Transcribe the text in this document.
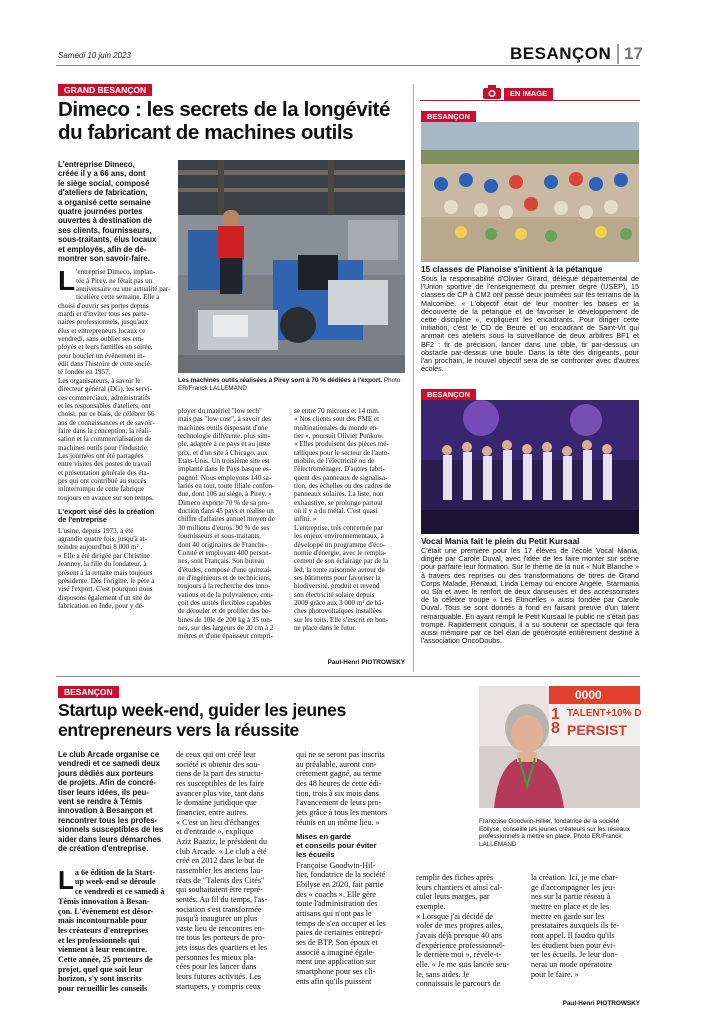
Samedi 10 juin 2023	BESANÇON 17
GRAND BESANÇON
Dimeco : les secrets de la longévité
du fabricant de machines outils
L'entreprise Dimeco,
créée il y a 66 ans, dont
le siège social, composé
d'ateliers de fabrication,
a organisé cette semaine
quatre journées portes
ouvertes à destination de
ses clients, fournisseurs,
sous-traitants, élus locaux
et employés, afin de dé-
montrer son savoir-faire.
Les machines outils réalisées à Pirey sont à 70 % dédiées à l'export. Photo ER/Franck LALLEMAND

L 'entreprise Dimeco, implan-
tée à Pirey, ne fêtait pas un
anniversaire ou une actualité par-
ticulière cette semaine. Elle a
choisi d'ouvrir ses portes depuis
mardi et d'inviter tous ses parte-
naires professionnels, jusqu'aux
élus et entrepreneurs locaux ce
vendredi, sans oublier ses em-
ployés et leurs familles en soirée,
pour boucler un évènement in-
édit dans l'histoire de cette socié-
té fondée en 1957.
Les organisateurs, à savoir le
directeur général (DG), les servi-
ces commerciaux, administratifs
et les responsables d'ateliers, ont
choisi, par ce biais, de célébrer 66
ans de connaissances et de savoir-
faire dans la conception, la réali-
sation et la commercialisation de
machines outils pour l'industrie.
Les journées ont été partagées
entre visites des postes de travail
et présentation générale des éta-
pes qui ont contribué au succès
ininterrompu de cette fabrique
toujours en avance sur son temps.

L'export visé dès la création
de l'entreprise
L'usine, depuis 1973, a été
agrandie quatre fois, jusqu'à at-
teindre aujourd'hui 8 000 m² .
« Elle a été dirigée par Christine
Jeanney, la fille du fondateur, à
présent à la retraite mais toujours
présidente. Dès l'origine, le père a
visé l'export. C'est pourquoi nous
disposons également d'un site de
fabrication en Inde, pour y dé-
ployer du matériel "low tech"
mais pas "low cost", à savoir des
machines outils disposant d'une
technologie différente, plus sim-
ple, adaptée à ce pays et au juste
prix, et d'un site à Chicago, aux
Etats-Unis. Un troisième site est
implanté dans le Pays basque es-
pagnol. Nous employons 140 sa-
lariés en tout, toute filiale confon-
due, dont 106 au siège, à Pirey. »
Dimeco exporte 70 % de sa pro-
duction dans 45 pays et réalise un
chiffre d'affaires annuel moyen de
30 millions d'euros. 90 % de ses
fournisseurs et sous-traitants,
dont 40 originaires de Franche-
Comté et employant 400 person-
nes, sont Français. Son bureau
d'études, composé d'une quinzai-
ne d'ingénieurs et de techniciens,
toujours à la recherche des inno-
vations et de la polyvalence, con-
çoit des unités flexibles capables
de dérouler et de profiler des bo-
bines de 10le de 200 kg à 35 ton-
nes, sur des largeurs de 20 cm à 2
mètres et d'une épaisseur compri-
se entre 70 microns et 14 mm.
« Nos clients sont des PME et
multinationales du monde en-
tier », poursuit Olivier Punkow.
« Elles produisent des pièces mé-
talliques pour le secteur de l'auto-
mobile, de l'électricité ou de
l'électroménager. D'autres fabri-
quent des panneaux de signalisa-
tion, des échelles ou des cadres de
panneaux solaires. La liste, non
exhaustive, se prolonge partout
où il y a du métal. C'est quasi
infini. »
L'entreprise, très concernée par
les enjeux environnementaux, a
développé un programme d'éco-
nomie d'énergie, avec le rempla-
cement de son éclairage par de la
led, la tonte raisonnée autour de
ses bâtiments pour favoriser la
biodiversité, produit et revend
son électricité solaire depuis
2009 grâce aux 3 000 m² de bâ-
ches photovoltaïques installées
sur les toits. Elle s'inscrit en bon-
ne place dans le futur.
Paul-Henri PIOTROWSKY
EN IMAGE
BESANÇON
15 classes de Planoise s'initient à la pétanque
Sous la responsabilité d'Olivier Girard, délégué départemental de l'Union sportive de l'enseignement du premier degré (USEP), 15 classes de CP à CM2 ont passé deux journées sur les terrains de la Malcombe. « L'objectif était de leur montrer les bases et la découverte de la pétanque et de favoriser le développement de cette discipline », expliquent les encadrants. Pour diriger cette initiation, c'est le CD de Beure et un encadrant de Saint-Vit qui animait ces ateliers sous la surveillance de deux arbitres BF1 et BF2 : tir de précision, lancer dans une cible, tir par-dessus un obstacle par-dessus une boule. Dans la tête des dirigeants, pour l'an prochain, le nouvel objectif sera de se confronter avec d'autres écoles.
BESANÇON
Vocal Mania fait le plein du Petit Kursaal
C'était une première pour les 17 élèves de l'école Vocal Mania, dirigée par Carole Duval, avec l'idée de les faire monter sur scène pour parfaire leur formation. Sur le thème de la nuit « Nuit Blanche » à travers des reprises ou des transformations de titres de Grand Corps Malade, Renaud, Linda Lemay ou encore Angèle, Starmania ou Sia et avec le renfort de deux danseuses et des accessoiristes de la célèbre troupe « Les Etincelles » aussi fondée par Carole Duval. Tous se sont donnés à fond en faisant preuve d'un talent remarquable. En ayant rempli le Petit Kursaal le public ne s'était pas trompé. Rapidement conquis, il a su soutenir ce spectacle qui fera aussi mémoire par ce bel élan de générosité entièrement destiné à l'association OncoDoubs.
BESANÇON
Startup week-end, guider les jeunes
entrepreneurs vers la réussite
Le club Arcade organise ce
vendredi et ce samedi deux
jours dédiés aux porteurs
de projets. Afin de concré-
tiser leurs idées, ils peu-
vent se rendre à Témis
innovation à Besançon et
rencontrer tous les profes-
sionnels susceptibles de les
aider dans leurs démarches
de création d'entreprise.

La 6e édition de la Start-
up week-end se déroule
ce vendredi et ce samedi à
Témis innovation à Besan-
çon. L'évènement est désor-
mais incontournable pour
les créateurs d'entreprises
et les professionnels qui
viennent à leur rencontre.
Cette année, 25 porteurs de
projet, quel que soit leur
horizon, s'y sont inscrits
pour recueillir les conseils

de ceux qui ont créé leur
société et obtenir des sou-
tiens de la part des structu-
res susceptibles de les faire
avancer plus vite, tant dans
le domaine juridique que
financier, entre autres.
« C'est un lieu d'échanges
et d'entraide », explique
Aziz Baaziz, le président du
club Arcade. « Le club a été
créé en 2012 dans le but de
rassembler les anciens lau-
réats de "Talents des Cités"
qui souhaitaient être repré-
sentés. Au fil du temps, l'as-
sociation s'est transformée
jusqu'à inaugurer un plus
vaste lieu de rencontres en-
tre tous les porteurs de pro-
jets issus des quartiers et les
personnes les mieux pla-
cées pour les lancer dans
leurs futures activités. Les
startupers, y compris ceux
qui ne se seront pas inscrits
au préalable, auront con-
crètement gagné, au terme
des 48 heures de cette édi-
tion, trois à six mois dans
l'avancement de leurs pro-
jets grâce à tous les mentors
réunis en un même lieu. »
Mises en garde
et conseils pour éviter
les écueils
Françoise Goodwin-Hil-
lier, fondatrice de la société
Ebilyse en 2020, fait partie
des « coachs ». Elle gère
toute l'administration des
artisans qui n'ont pas le
temps de s'en occuper et les
paies de certaines entrepri-
ses de BTP. Son époux et
associé a imaginé égale-
ment une application sur
smartphone pour ses cli-
ents afin qu'ils puissent
TALENT+10% D
PERSIST
1
8
0000
Françoise Goodwin-Hillier, fondatrice de la société Ebilyse, conseille les jeunes créateurs sur les réseaux professionnels à mettre en place. Photo ER/Franck LALLEMAND
remplir des fiches après
leurs chantiers et ainsi cal-
culer leurs marges, par
exemple.
« Lorsque j'ai décidé de
voler de mes propres ailes,
j'avais déjà presque 40 ans
d'expérience professionnel-
le derrière moi », révèle-t-
elle. « Je me suis lancée seu-
le, sans aides. Je
connaissais le parcours de
la création. Ici, je me char-
ge d'accompagner les jeu-
nes sur la partie réseau à
mettre en place et de les
mettre en garde sur les
prestataires auxquels ils fe-
ront appel. Il faudra qu'ils
les étudient bien pour évi-
ter les écueils. Je leur don-
nerai un mode opératoire
pour le faire. »
Paul-Henri PIOTROWSKY
